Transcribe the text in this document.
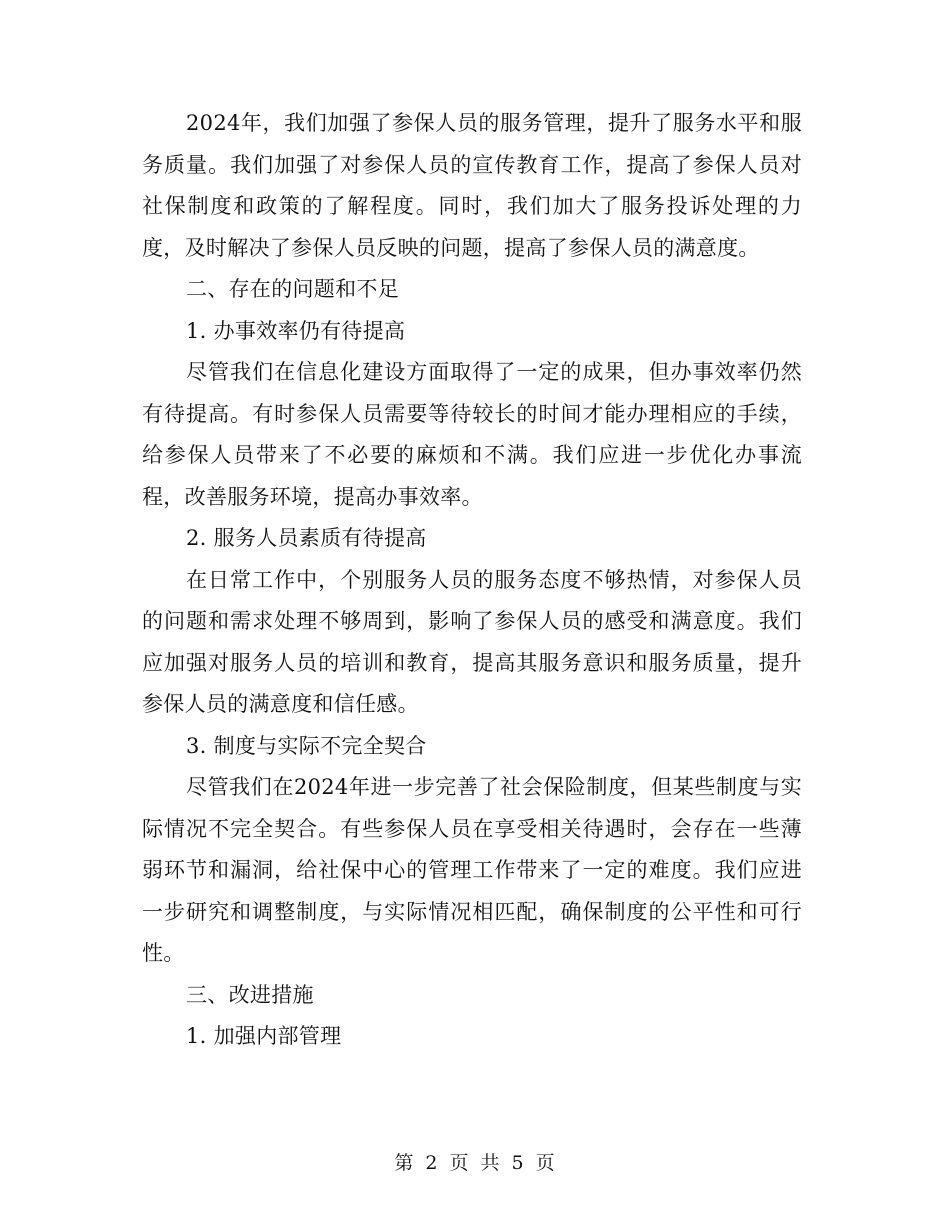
2024年，我们加强了参保人员的服务管理，提升了服务水平和服务质量。我们加强了对参保人员的宣传教育工作，提高了参保人员对社保制度和政策的了解程度。同时，我们加大了服务投诉处理的力度，及时解决了参保人员反映的问题，提高了参保人员的满意度。

二、存在的问题和不足

1. 办事效率仍有待提高

尽管我们在信息化建设方面取得了一定的成果，但办事效率仍然有待提高。有时参保人员需要等待较长的时间才能办理相应的手续，给参保人员带来了不必要的麻烦和不满。我们应进一步优化办事流程，改善服务环境，提高办事效率。

2. 服务人员素质有待提高

在日常工作中，个别服务人员的服务态度不够热情，对参保人员的问题和需求处理不够周到，影响了参保人员的感受和满意度。我们应加强对服务人员的培训和教育，提高其服务意识和服务质量，提升参保人员的满意度和信任感。

3. 制度与实际不完全契合

尽管我们在2024年进一步完善了社会保险制度，但某些制度与实际情况不完全契合。有些参保人员在享受相关待遇时，会存在一些薄弱环节和漏洞，给社保中心的管理工作带来了一定的难度。我们应进一步研究和调整制度，与实际情况相匹配，确保制度的公平性和可行性。

三、改进措施

1. 加强内部管理

第 2 页 共 5 页
